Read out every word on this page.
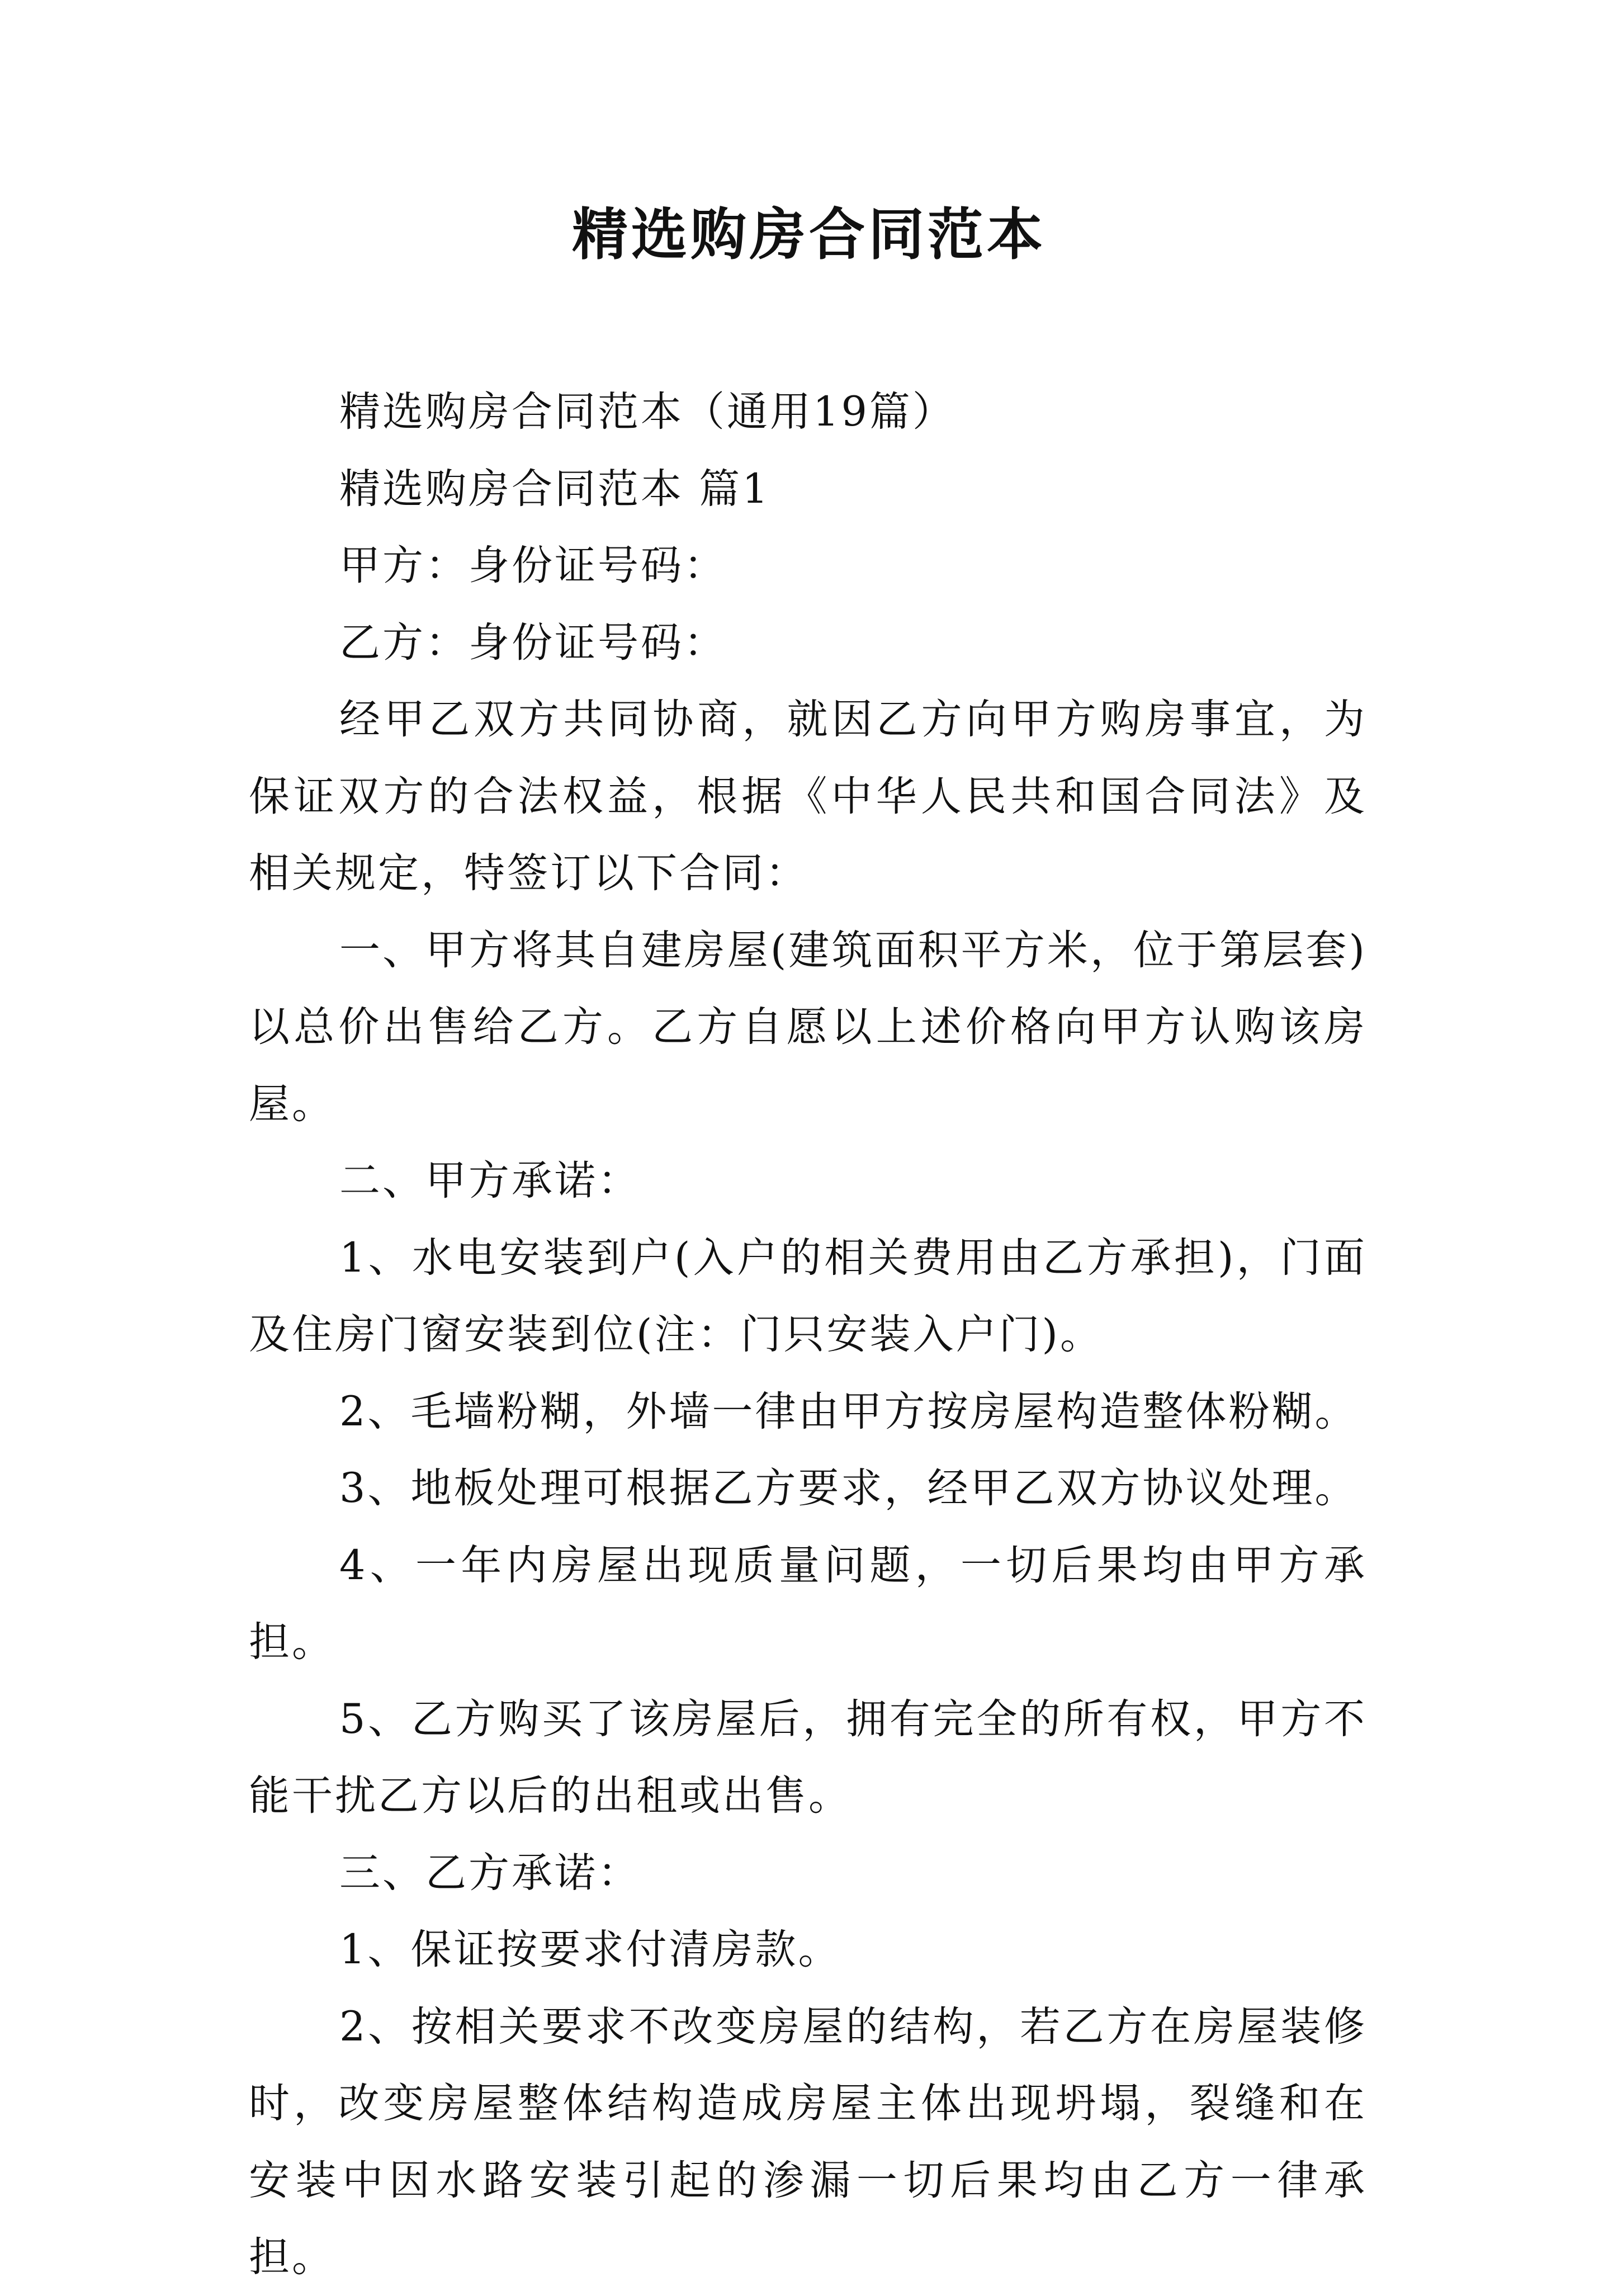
精选购房合同范本

精选购房合同范本（通用19篇）

精选购房合同范本 篇1

甲方：身份证号码：

乙方：身份证号码：

经甲乙双方共同协商，就因乙方向甲方购房事宜，为保证双方的合法权益，根据《中华人民共和国合同法》及相关规定，特签订以下合同：

一、甲方将其自建房屋(建筑面积平方米，位于第层套)以总价出售给乙方。乙方自愿以上述价格向甲方认购该房屋。

二、甲方承诺：

1、水电安装到户(入户的相关费用由乙方承担)，门面及住房门窗安装到位(注：门只安装入户门)。

2、毛墙粉糊，外墙一律由甲方按房屋构造整体粉糊。

3、地板处理可根据乙方要求，经甲乙双方协议处理。

4、一年内房屋出现质量问题，一切后果均由甲方承担。

5、乙方购买了该房屋后，拥有完全的所有权，甲方不能干扰乙方以后的出租或出售。

三、乙方承诺：

1、保证按要求付清房款。

2、按相关要求不改变房屋的结构，若乙方在房屋装修时，改变房屋整体结构造成房屋主体出现坍塌，裂缝和在安装中因水路安装引起的渗漏一切后果均由乙方一律承担。
